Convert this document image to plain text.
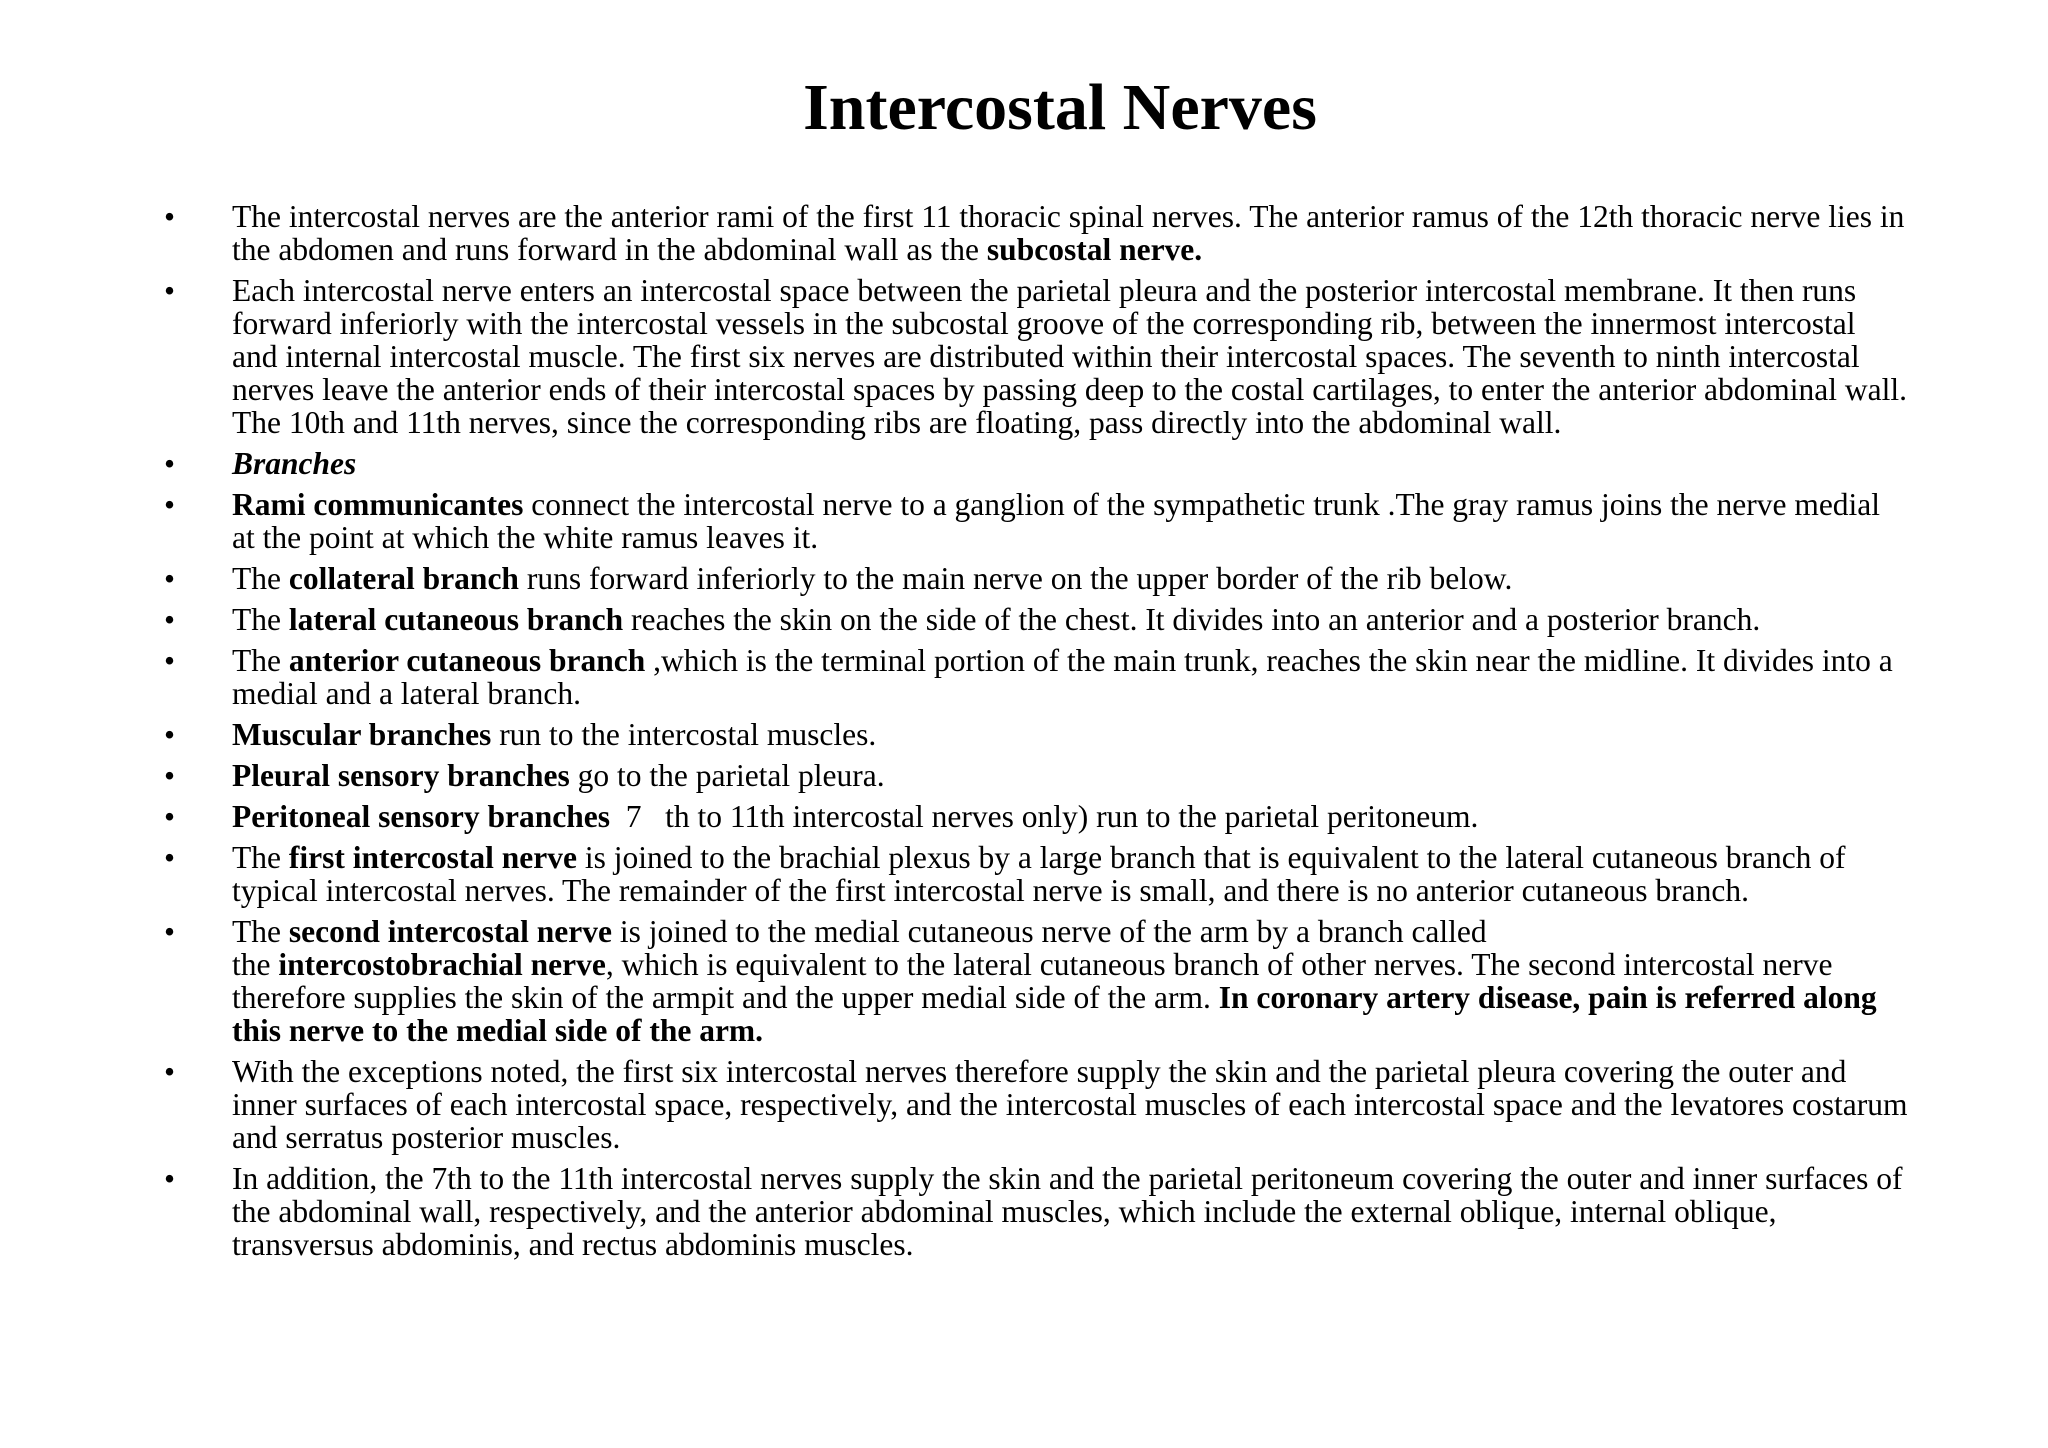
Intercostal Nerves
• The intercostal nerves are the anterior rami of the first 11 thoracic spinal nerves. The anterior ramus of the 12th thoracic nerve lies in the abdomen and runs forward in the abdominal wall as the subcostal nerve.
• Each intercostal nerve enters an intercostal space between the parietal pleura and the posterior intercostal membrane. It then runs forward inferiorly with the intercostal vessels in the subcostal groove of the corresponding rib, between the innermost intercostal and internal intercostal muscle. The first six nerves are distributed within their intercostal spaces. The seventh to ninth intercostal nerves leave the anterior ends of their intercostal spaces by passing deep to the costal cartilages, to enter the anterior abdominal wall. The 10th and 11th nerves, since the corresponding ribs are floating, pass directly into the abdominal wall.
• Branches
• Rami communicantes connect the intercostal nerve to a ganglion of the sympathetic trunk .The gray ramus joins the nerve medial at the point at which the white ramus leaves it.
• The collateral branch runs forward inferiorly to the main nerve on the upper border of the rib below.
• The lateral cutaneous branch reaches the skin on the side of the chest. It divides into an anterior and a posterior branch.
• The anterior cutaneous branch ,which is the terminal portion of the main trunk, reaches the skin near the midline. It divides into a medial and a lateral branch.
• Muscular branches run to the intercostal muscles.
• Pleural sensory branches go to the parietal pleura.
• Peritoneal sensory branches  7   th to 11th intercostal nerves only) run to the parietal peritoneum.
• The first intercostal nerve is joined to the brachial plexus by a large branch that is equivalent to the lateral cutaneous branch of typical intercostal nerves. The remainder of the first intercostal nerve is small, and there is no anterior cutaneous branch.
• The second intercostal nerve is joined to the medial cutaneous nerve of the arm by a branch called
the intercostobrachial nerve, which is equivalent to the lateral cutaneous branch of other nerves. The second intercostal nerve therefore supplies the skin of the armpit and the upper medial side of the arm. In coronary artery disease, pain is referred along this nerve to the medial side of the arm.
• With the exceptions noted, the first six intercostal nerves therefore supply the skin and the parietal pleura covering the outer and inner surfaces of each intercostal space, respectively, and the intercostal muscles of each intercostal space and the levatores costarum and serratus posterior muscles.
• In addition, the 7th to the 11th intercostal nerves supply the skin and the parietal peritoneum covering the outer and inner surfaces of the abdominal wall, respectively, and the anterior abdominal muscles, which include the external oblique, internal oblique, transversus abdominis, and rectus abdominis muscles.
